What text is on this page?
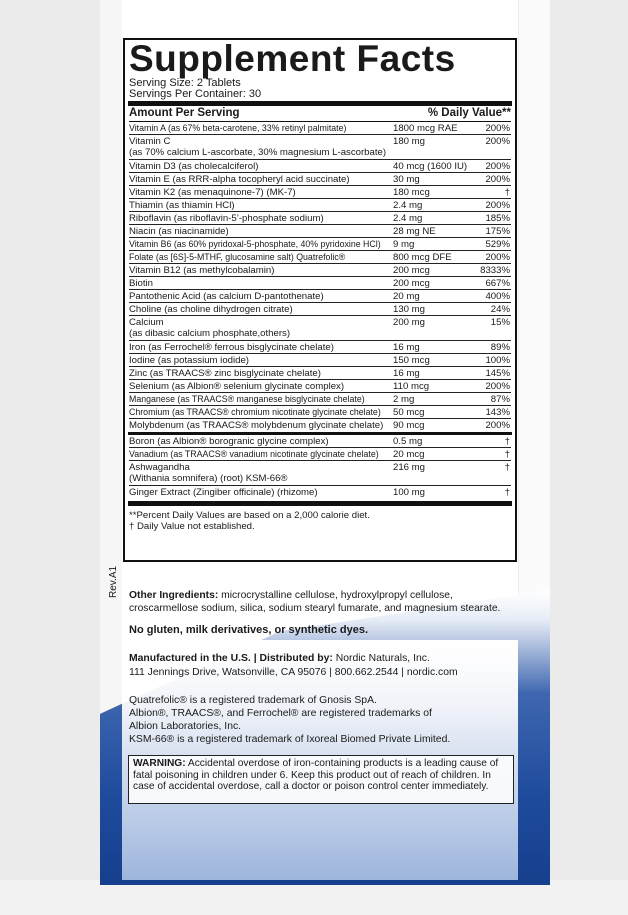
Supplement Facts
Serving Size: 2 Tablets
Servings Per Container: 30
Amount Per Serving	% Daily Value**
Vitamin A (as 67% beta-carotene, 33% retinyl palmitate)	1800 mcg RAE	200%
Vitamin C
(as 70% calcium L-ascorbate, 30% magnesium L-ascorbate)
180 mg	200%
Vitamin D3 (as cholecalciferol)	40 mcg (1600 IU)	200%
Vitamin E (as RRR-alpha tocopheryl acid succinate)	30 mg	200%
Vitamin K2 (as menaquinone-7) (MK-7)	180 mcg	†
Thiamin (as thiamin HCl)	2.4 mg	200%
Riboflavin (as riboflavin-5’-phosphate sodium)	2.4 mg	185%
Niacin (as niacinamide)	28 mg NE	175%
Vitamin B6 (as 60% pyridoxal-5-phosphate, 40% pyridoxine HCl)	9 mg	529%
Folate (as [6S]-5-MTHF, glucosamine salt) Quatrefolic®	800 mcg DFE	200%
Vitamin B12 (as methylcobalamin)	200 mcg	8333%
Biotin	200 mcg	667%
Pantothenic Acid (as calcium D-pantothenate)	20 mg	400%
Choline (as choline dihydrogen citrate)	130 mg	24%
Calcium
(as dibasic calcium phosphate,others)
200 mg	15%
Iron (as Ferrochel® ferrous bisglycinate chelate)	16 mg	89%
Iodine (as potassium iodide)	150 mcg	100%
Zinc (as TRAACS® zinc bisglycinate chelate)	16 mg	145%
Selenium (as Albion® selenium glycinate complex)	110 mcg	200%
Manganese (as TRAACS® manganese bisglycinate chelate)	2 mg	87%
Chromium (as TRAACS® chromium nicotinate glycinate chelate)	50 mcg	143%
Molybdenum (as TRAACS® molybdenum glycinate chelate)	90 mcg	200%
Boron (as Albion® borogranic glycine complex)	0.5 mg	†
Vanadium (as TRAACS® vanadium nicotinate glycinate chelate)	20 mcg	†
Ashwagandha
(Withania somnifera) (root) KSM-66®
216 mg	†
Ginger Extract (Zingiber officinale) (rhizome)	100 mg	†
**Percent Daily Values are based on a 2,000 calorie diet.
† Daily Value not established.
Rev.A1 Other Ingredients: microcrystalline cellulose, hydroxylpropyl cellulose, croscarmellose sodium, silica, sodium stearyl fumarate, and magnesium stearate.
No gluten, milk derivatives, or synthetic dyes.
Manufactured in the U.S. | Distributed by: Nordic Naturals, Inc.
111 Jennings Drive, Watsonville, CA 95076 | 800.662.2544 | nordic.com
Quatrefolic® is a registered trademark of Gnosis SpA.
Albion®, TRAACS®, and Ferrochel® are registered trademarks of
Albion Laboratories, Inc.
KSM-66® is a registered trademark of Ixoreal Biomed Private Limited.
WARNING: Accidental overdose of iron-containing products is a leading cause of fatal poisoning in children under 6. Keep this product out of reach of children. In case of accidental overdose, call a doctor or poison control center immediately.
